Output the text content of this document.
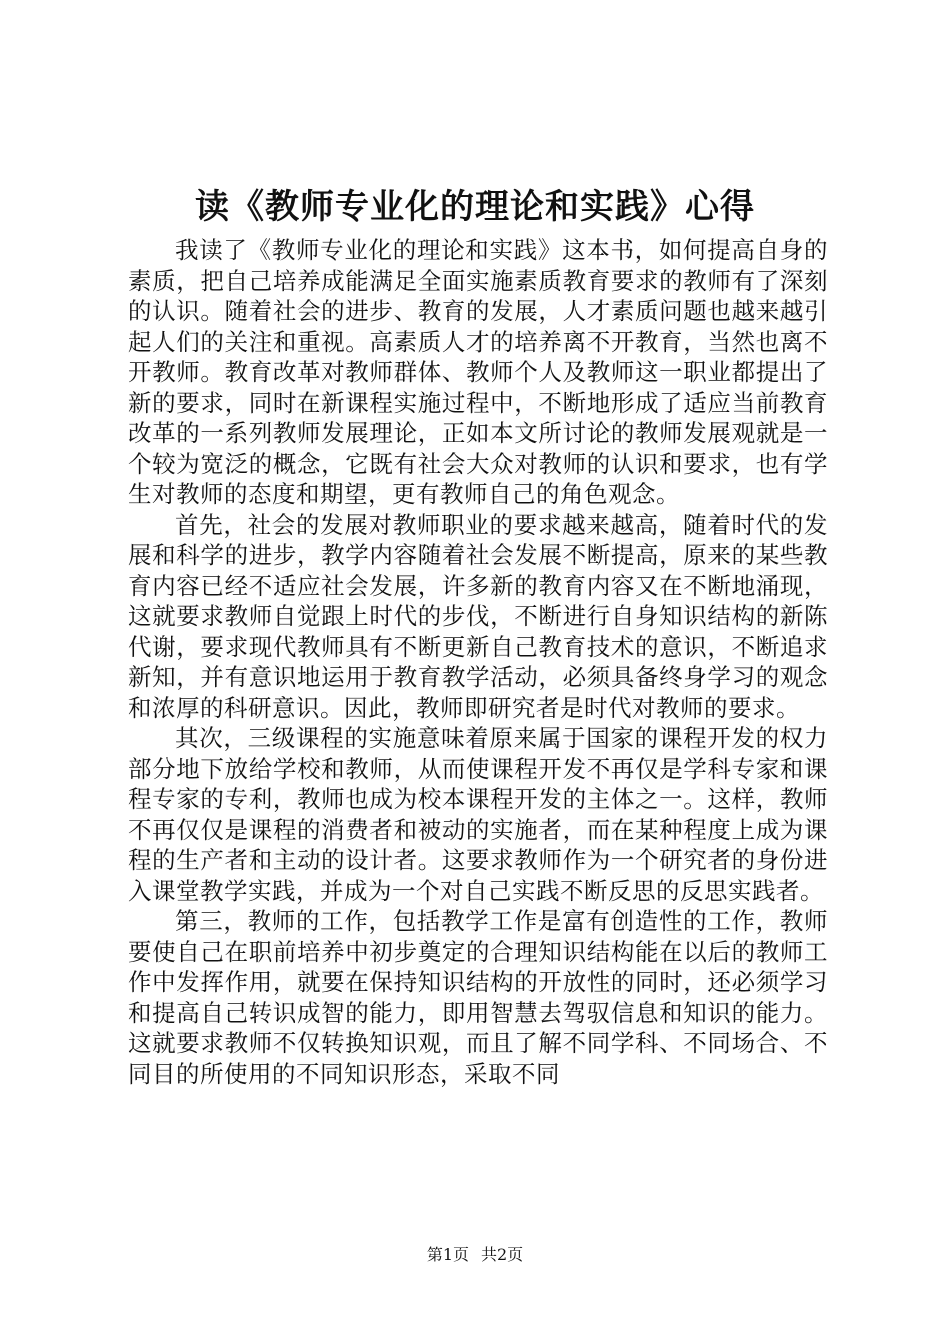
读《教师专业化的理论和实践》心得

我读了《教师专业化的理论和实践》这本书，如何提高自身的素质，把自己培养成能满足全面实施素质教育要求的教师有了深刻的认识。随着社会的进步、教育的发展，人才素质问题也越来越引起人们的关注和重视。高素质人才的培养离不开教育，当然也离不开教师。教育改革对教师群体、教师个人及教师这一职业都提出了新的要求，同时在新课程实施过程中，不断地形成了适应当前教育改革的一系列教师发展理论，正如本文所讨论的教师发展观就是一个较为宽泛的概念，它既有社会大众对教师的认识和要求，也有学生对教师的态度和期望，更有教师自己的角色观念。

首先，社会的发展对教师职业的要求越来越高，随着时代的发展和科学的进步，教学内容随着社会发展不断提高，原来的某些教育内容已经不适应社会发展，许多新的教育内容又在不断地涌现，这就要求教师自觉跟上时代的步伐，不断进行自身知识结构的新陈代谢，要求现代教师具有不断更新自己教育技术的意识，不断追求新知，并有意识地运用于教育教学活动，必须具备终身学习的观念和浓厚的科研意识。因此，教师即研究者是时代对教师的要求。

其次，三级课程的实施意味着原来属于国家的课程开发的权力部分地下放给学校和教师，从而使课程开发不再仅是学科专家和课程专家的专利，教师也成为校本课程开发的主体之一。这样，教师不再仅仅是课程的消费者和被动的实施者，而在某种程度上成为课程的生产者和主动的设计者。这要求教师作为一个研究者的身份进入课堂教学实践，并成为一个对自己实践不断反思的反思实践者。

第三，教师的工作，包括教学工作是富有创造性的工作，教师要使自己在职前培养中初步奠定的合理知识结构能在以后的教师工作中发挥作用，就要在保持知识结构的开放性的同时，还必须学习和提高自己转识成智的能力，即用智慧去驾驭信息和知识的能力。这就要求教师不仅转换知识观，而且了解不同学科、不同场合、不同目的所使用的不同知识形态，采取不同

第1页 共2页
